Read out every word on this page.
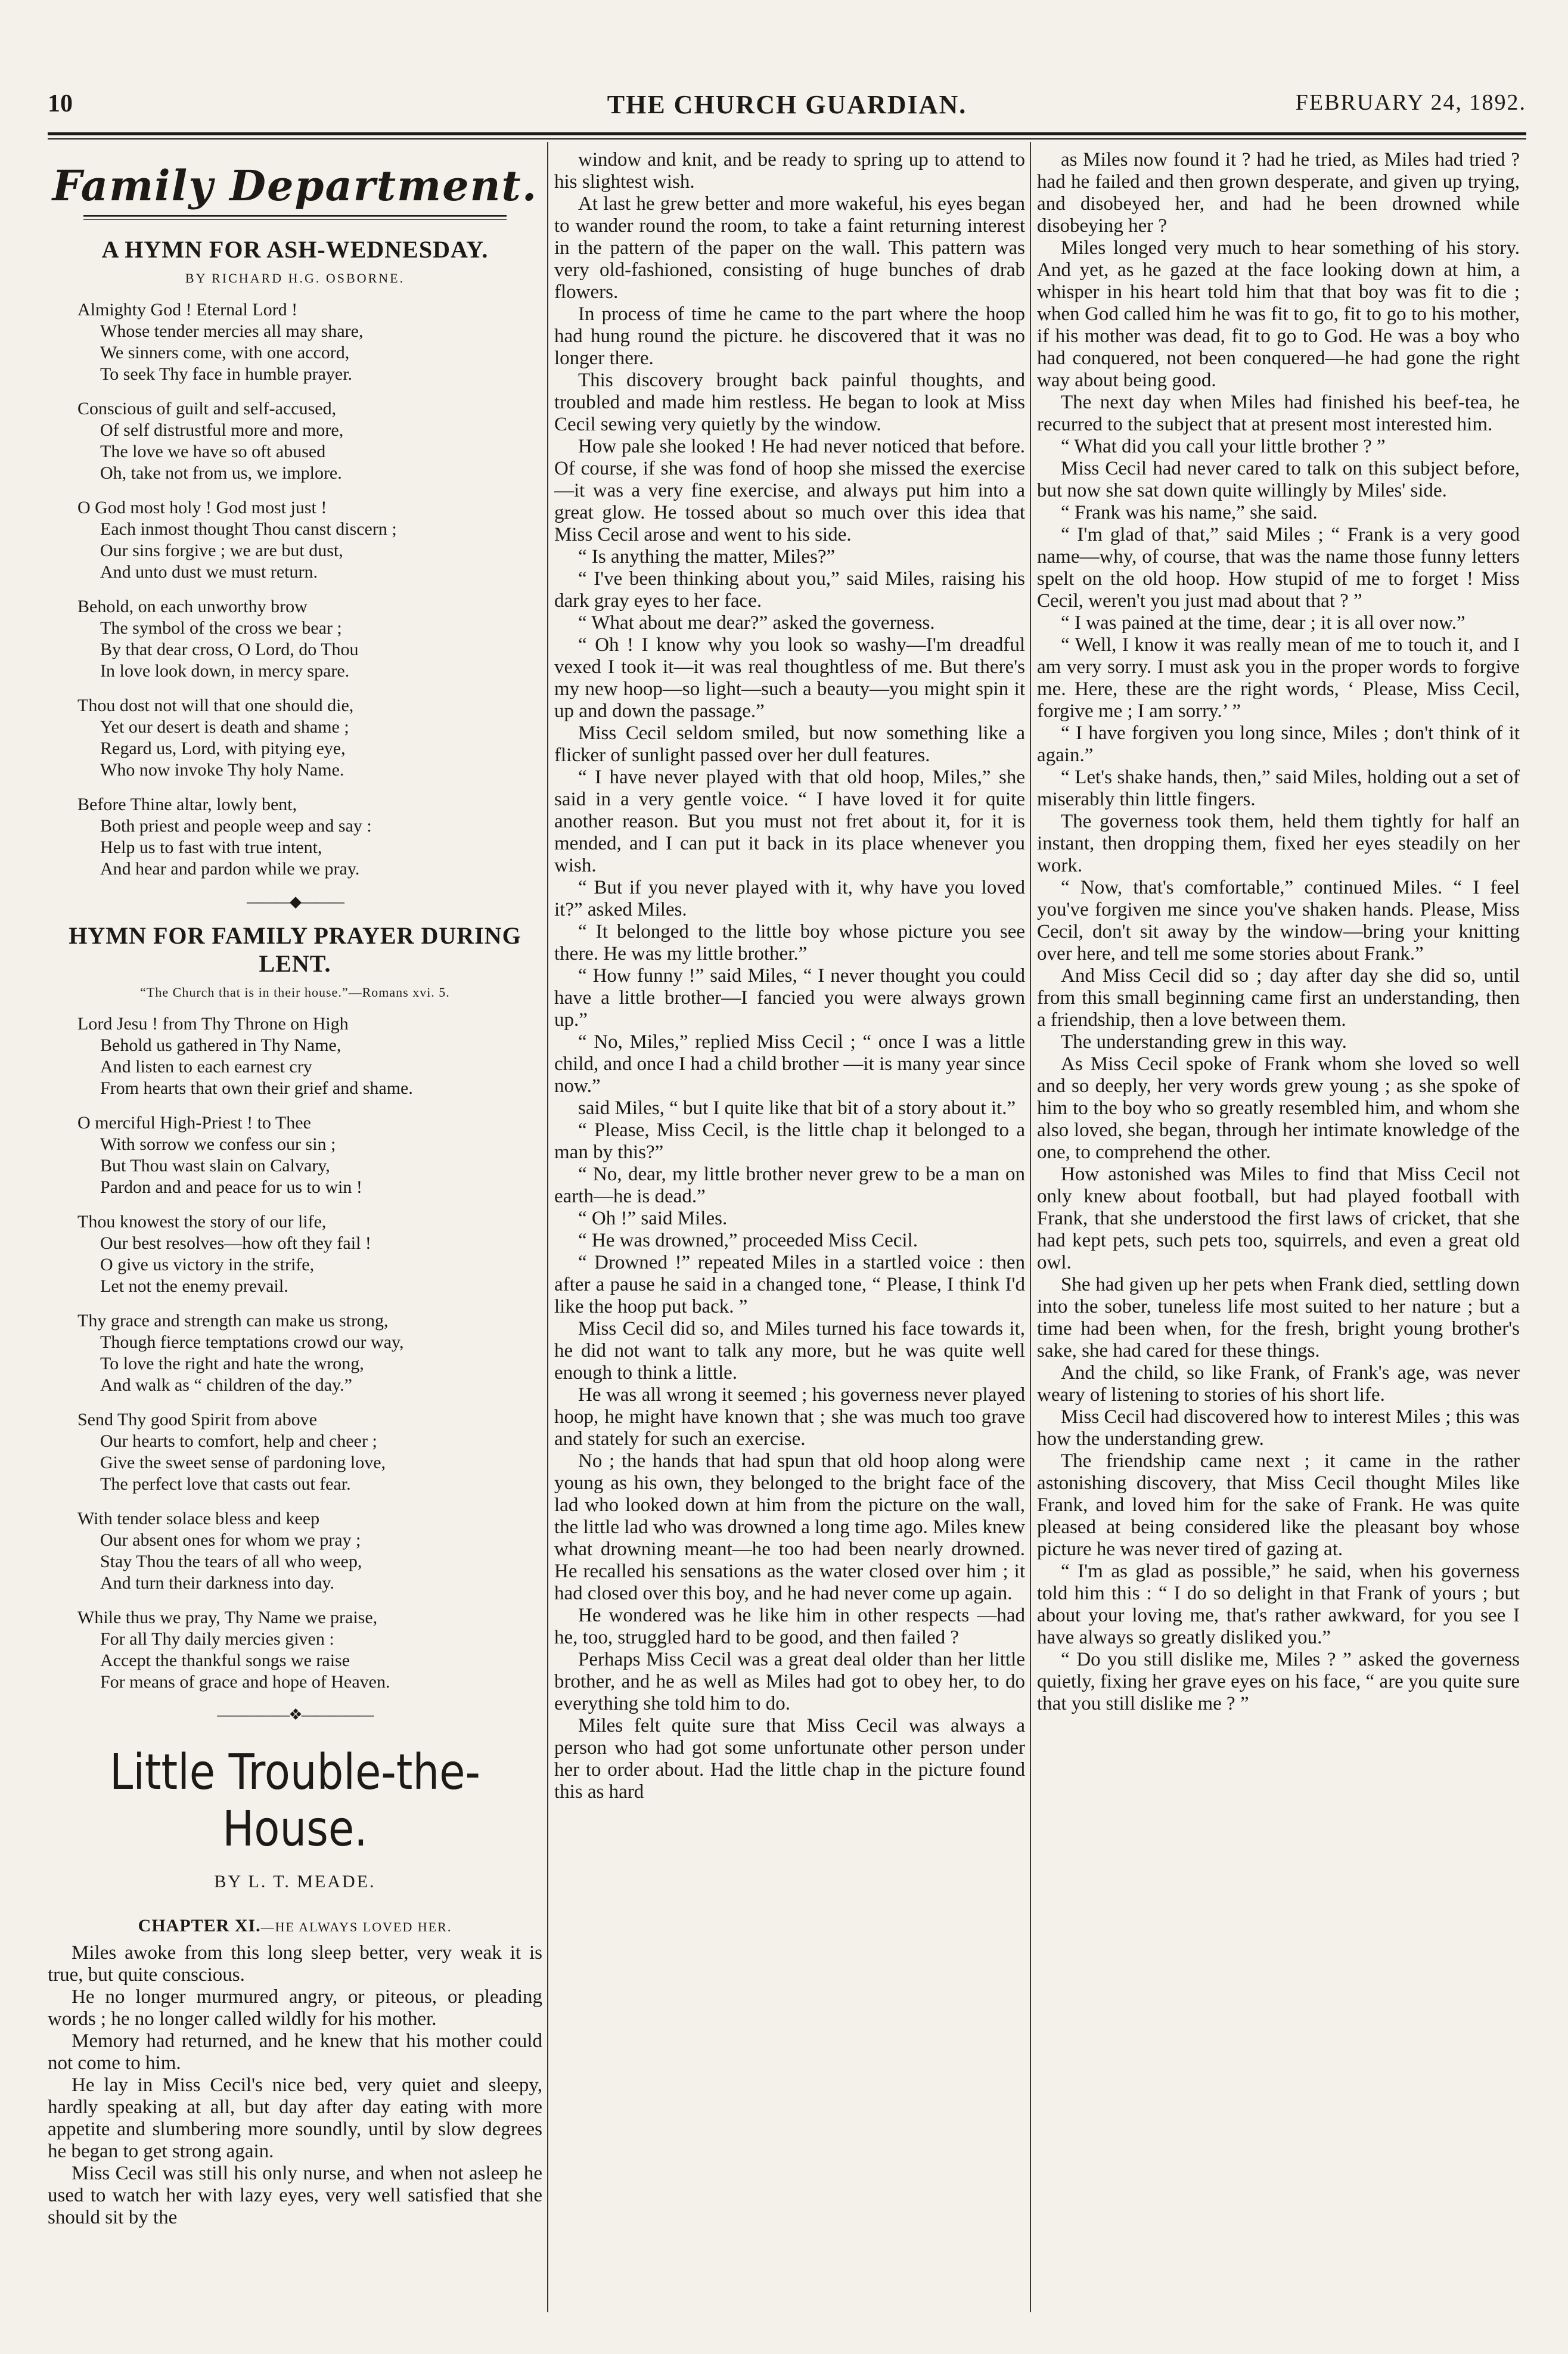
10	THE CHURCH GUARDIAN.	FEBRUARY 24, 1892.
Family Department.
A HYMN FOR ASH-WEDNESDAY.
BY RICHARD H.G. OSBORNE.
Almighty God ! Eternal Lord !
Whose tender mercies all may share,
We sinners come, with one accord,
To seek Thy face in humble prayer.
Conscious of guilt and self-accused,
Of self distrustful more and more,
The love we have so oft abused
Oh, take not from us, we implore.
O God most holy ! God most just !
Each inmost thought Thou canst discern ;
Our sins forgive ; we are but dust,
And unto dust we must return.
Behold, on each unworthy brow
The symbol of the cross we bear ;
By that dear cross, O Lord, do Thou
In love look down, in mercy spare.
Thou dost not will that one should die,
Yet our desert is death and shame ;
Regard us, Lord, with pitying eye,
Who now invoke Thy holy Name.
Before Thine altar, lowly bent,
Both priest and people weep and say :
Help us to fast with true intent,
And hear and pardon while we pray.
———◆———
HYMN FOR FAMILY PRAYER DURING LENT.
“The Church that is in their house.”—Romans xvi. 5.
Lord Jesu ! from Thy Throne on High
Behold us gathered in Thy Name,
And listen to each earnest cry
From hearts that own their grief and shame.
O merciful High-Priest ! to Thee
With sorrow we confess our sin ;
But Thou wast slain on Calvary,
Pardon and and peace for us to win !
Thou knowest the story of our life,
Our best resolves—how oft they fail !
O give us victory in the strife,
Let not the enemy prevail.
Thy grace and strength can make us strong,
Though fierce temptations crowd our way,
To love the right and hate the wrong,
And walk as “ children of the day.”
Send Thy good Spirit from above
Our hearts to comfort, help and cheer ;
Give the sweet sense of pardoning love,
The perfect love that casts out fear.
With tender solace bless and keep
Our absent ones for whom we pray ;
Stay Thou the tears of all who weep,
And turn their darkness into day.
While thus we pray, Thy Name we praise,
For all Thy daily mercies given :
Accept the thankful songs we raise
For means of grace and hope of Heaven.
—————❖—————
Little Trouble-the-House.
BY L. T. MEADE.
CHAPTER XI.—HE ALWAYS LOVED HER.

Miles awoke from this long sleep better, very weak it is true, but quite conscious.

He no longer murmured angry, or piteous, or pleading words ; he no longer called wildly for his mother.

Memory had returned, and he knew that his mother could not come to him.

He lay in Miss Cecil's nice bed, very quiet and sleepy, hardly speaking at all, but day after day eating with more appetite and slumbering more soundly, until by slow degrees he began to get strong again.

Miss Cecil was still his only nurse, and when not asleep he used to watch her with lazy eyes, very well satisfied that she should sit by the

window and knit, and be ready to spring up to attend to his slightest wish.

At last he grew better and more wakeful, his eyes began to wander round the room, to take a faint returning interest in the pattern of the paper on the wall. This pattern was very old-fashioned, consisting of huge bunches of drab flowers.

In process of time he came to the part where the hoop had hung round the picture. he discovered that it was no longer there.

This discovery brought back painful thoughts, and troubled and made him restless. He began to look at Miss Cecil sewing very quietly by the window.

How pale she looked ! He had never noticed that before. Of course, if she was fond of hoop she missed the exercise—it was a very fine exercise, and always put him into a great glow. He tossed about so much over this idea that Miss Cecil arose and went to his side.

“ Is anything the matter, Miles?”

“ I've been thinking about you,” said Miles, raising his dark gray eyes to her face.

“ What about me dear?” asked the governess.

“ Oh ! I know why you look so washy—I'm dreadful vexed I took it—it was real thoughtless of me. But there's my new hoop—so light—such a beauty—you might spin it up and down the passage.”

Miss Cecil seldom smiled, but now something like a flicker of sunlight passed over her dull features.

“ I have never played with that old hoop, Miles,” she said in a very gentle voice. “ I have loved it for quite another reason. But you must not fret about it, for it is mended, and I can put it back in its place whenever you wish.

“ But if you never played with it, why have you loved it?” asked Miles.

“ It belonged to the little boy whose picture you see there. He was my little brother.”

“ How funny !” said Miles, “ I never thought you could have a little brother—I fancied you were always grown up.”

“ No, Miles,” replied Miss Cecil ; “ once I was a little child, and once I had a child brother —it is many year since now.”

said Miles, “ but I quite like that bit of a story about it.”

“ Please, Miss Cecil, is the little chap it belonged to a man by this?”

“ No, dear, my little brother never grew to be a man on earth—he is dead.”

“ Oh !” said Miles.

“ He was drowned,” proceeded Miss Cecil.

“ Drowned !” repeated Miles in a startled voice : then after a pause he said in a changed tone, “ Please, I think I'd like the hoop put back. ”

Miss Cecil did so, and Miles turned his face towards it, he did not want to talk any more, but he was quite well enough to think a little.

He was all wrong it seemed ; his governess never played hoop, he might have known that ; she was much too grave and stately for such an exercise.

No ; the hands that had spun that old hoop along were young as his own, they belonged to the bright face of the lad who looked down at him from the picture on the wall, the little lad who was drowned a long time ago. Miles knew what drowning meant—he too had been nearly drowned. He recalled his sensations as the water closed over him ; it had closed over this boy, and he had never come up again.

He wondered was he like him in other respects —had he, too, struggled hard to be good, and then failed ?

Perhaps Miss Cecil was a great deal older than her little brother, and he as well as Miles had got to obey her, to do everything she told him to do.

Miles felt quite sure that Miss Cecil was always a person who had got some unfortunate other person under her to order about. Had the little chap in the picture found this as hard

as Miles now found it ? had he tried, as Miles had tried ? had he failed and then grown desperate, and given up trying, and disobeyed her, and had he been drowned while disobeying her ?

Miles longed very much to hear something of his story. And yet, as he gazed at the face looking down at him, a whisper in his heart told him that that boy was fit to die ; when God called him he was fit to go, fit to go to his mother, if his mother was dead, fit to go to God. He was a boy who had conquered, not been conquered—he had gone the right way about being good.

The next day when Miles had finished his beef-tea, he recurred to the subject that at present most interested him.

“ What did you call your little brother ? ”

Miss Cecil had never cared to talk on this subject before, but now she sat down quite willingly by Miles' side.

“ Frank was his name,” she said.

“ I'm glad of that,” said Miles ; “ Frank is a very good name—why, of course, that was the name those funny letters spelt on the old hoop. How stupid of me to forget ! Miss Cecil, weren't you just mad about that ? ”

“ I was pained at the time, dear ; it is all over now.”

“ Well, I know it was really mean of me to touch it, and I am very sorry. I must ask you in the proper words to forgive me. Here, these are the right words, ‘ Please, Miss Cecil, forgive me ; I am sorry.’ ”

“ I have forgiven you long since, Miles ; don't think of it again.”

“ Let's shake hands, then,” said Miles, holding out a set of miserably thin little fingers.

The governess took them, held them tightly for half an instant, then dropping them, fixed her eyes steadily on her work.

“ Now, that's comfortable,” continued Miles. “ I feel you've forgiven me since you've shaken hands. Please, Miss Cecil, don't sit away by the window—bring your knitting over here, and tell me some stories about Frank.”

And Miss Cecil did so ; day after day she did so, until from this small beginning came first an understanding, then a friendship, then a love between them.

The understanding grew in this way.

As Miss Cecil spoke of Frank whom she loved so well and so deeply, her very words grew young ; as she spoke of him to the boy who so greatly resembled him, and whom she also loved, she began, through her intimate knowledge of the one, to comprehend the other.

How astonished was Miles to find that Miss Cecil not only knew about football, but had played football with Frank, that she understood the first laws of cricket, that she had kept pets, such pets too, squirrels, and even a great old owl.

She had given up her pets when Frank died, settling down into the sober, tuneless life most suited to her nature ; but a time had been when, for the fresh, bright young brother's sake, she had cared for these things.

And the child, so like Frank, of Frank's age, was never weary of listening to stories of his short life.

Miss Cecil had discovered how to interest Miles ; this was how the understanding grew.

The friendship came next ; it came in the rather astonishing discovery, that Miss Cecil thought Miles like Frank, and loved him for the sake of Frank. He was quite pleased at being considered like the pleasant boy whose picture he was never tired of gazing at.

“ I'm as glad as possible,” he said, when his governess told him this : “ I do so delight in that Frank of yours ; but about your loving me, that's rather awkward, for you see I have always so greatly disliked you.”

“ Do you still dislike me, Miles ? ” asked the governess quietly, fixing her grave eyes on his face, “ are you quite sure that you still dislike me ? ”
